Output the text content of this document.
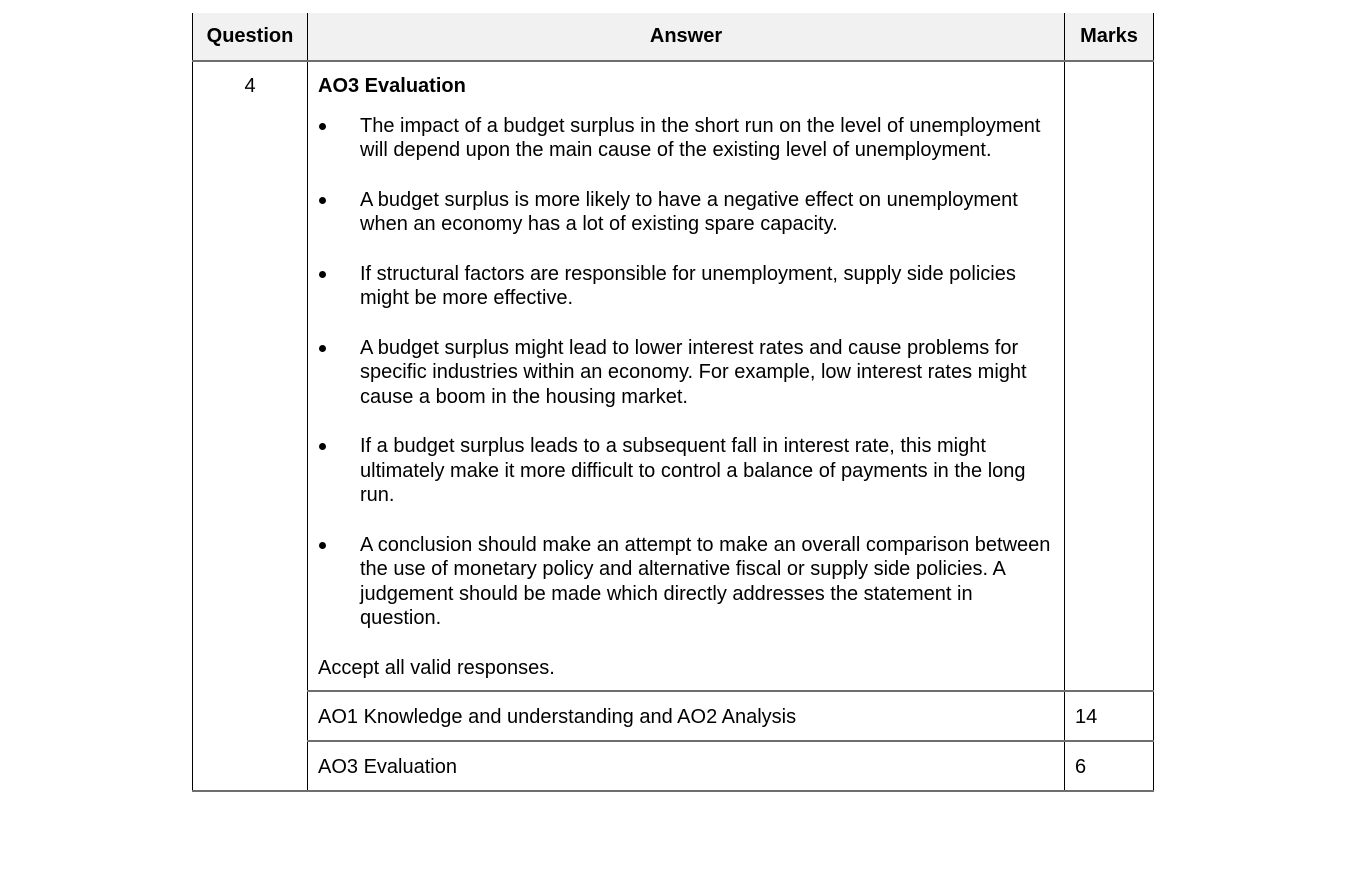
Question	Answer	Marks
4	AO3 Evaluation
The impact of a budget surplus in the short run on the level of unemployment will depend upon the main cause of the existing level of unemployment.
A budget surplus is more likely to have a negative effect on unemployment when an economy has a lot of existing spare capacity.
If structural factors are responsible for unemployment, supply side policies might be more effective.
A budget surplus might lead to lower interest rates and cause problems for specific industries within an economy. For example, low interest rates might cause a boom in the housing market.
If a budget surplus leads to a subsequent fall in interest rate, this might ultimately make it more difficult to control a balance of payments in the long run.
A conclusion should make an attempt to make an overall comparison between the use of monetary policy and alternative fiscal or supply side policies. A judgement should be made which directly addresses the statement in question.
Accept all valid responses.

	AO1 Knowledge and understanding and AO2 Analysis	14
	AO3 Evaluation	6
